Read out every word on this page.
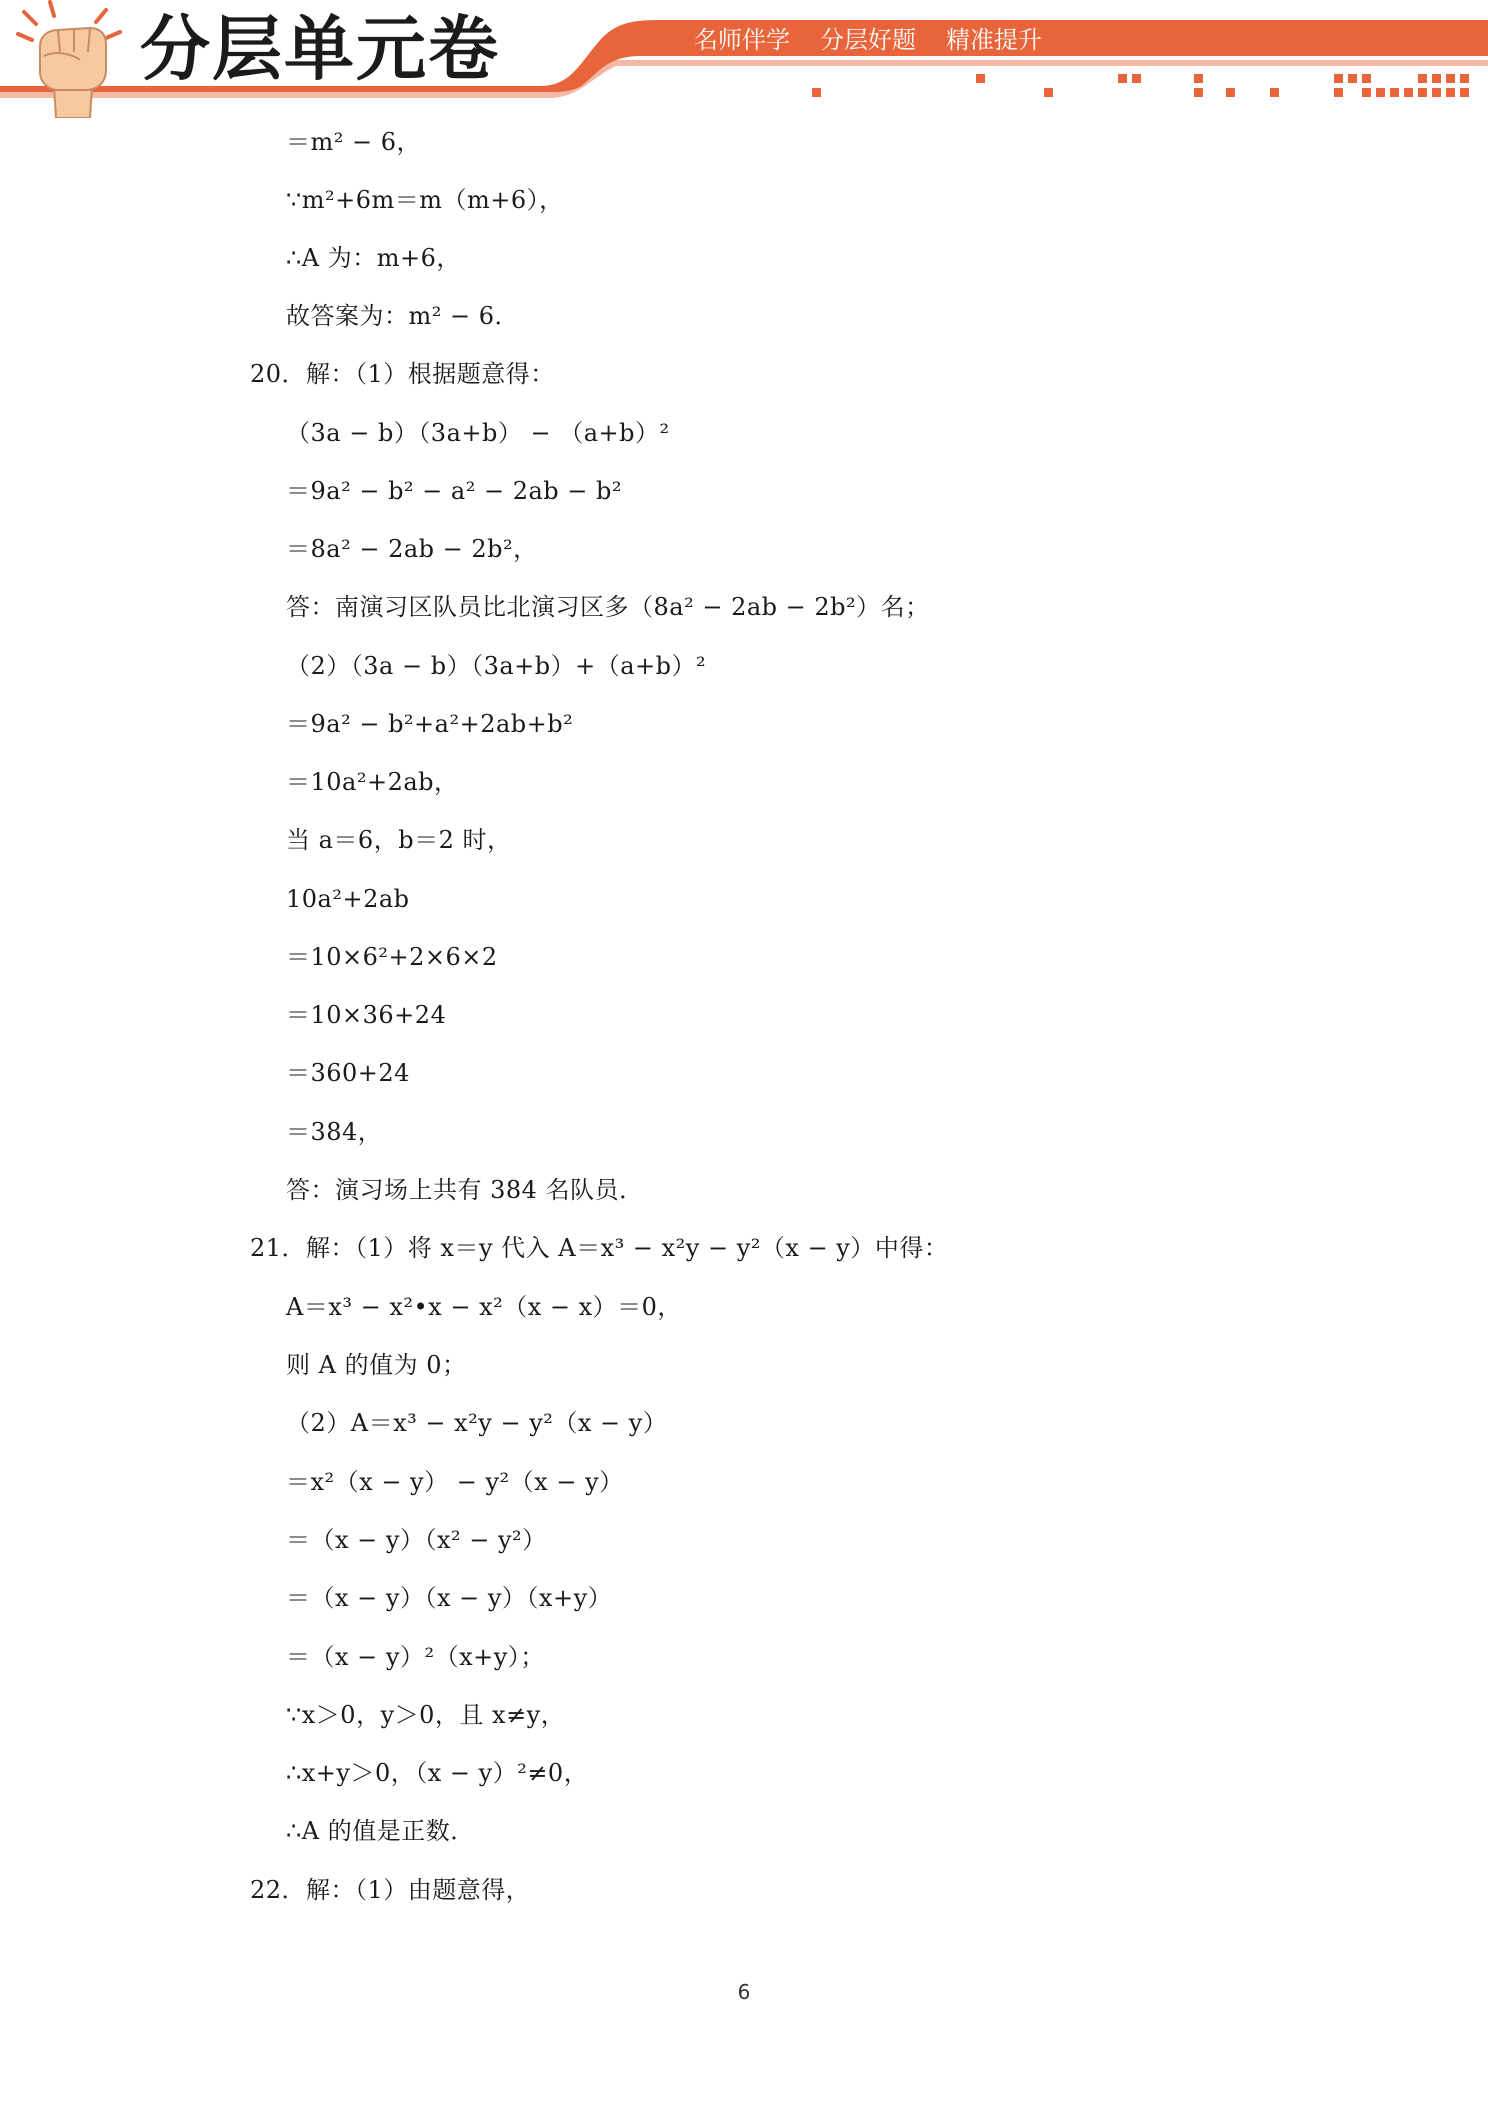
分层单元卷	名师伴学 分层好题 精准提升
＝m² − 6，
∵m²+6m＝m（m+6），
∴A 为：m+6，
故答案为：m² − 6．
20．解：（1）根据题意得：
（3a − b）（3a+b） − （a+b）²
＝9a² − b² − a² − 2ab − b²
＝8a² − 2ab − 2b²，
答：南演习区队员比北演习区多（8a² − 2ab − 2b²）名；
（2）（3a − b）（3a+b）+（a+b）²
＝9a² − b²+a²+2ab+b²
＝10a²+2ab，
当 a＝6，b＝2 时，
10a²+2ab
＝10×6²+2×6×2
＝10×36+24
＝360+24
＝384，
答：演习场上共有 384 名队员．
21．解：（1）将 x＝y 代入 A＝x³ − x²y − y²（x − y）中得：
A＝x³ − x²•x − x²（x − x）＝0，
则 A 的值为 0；
（2）A＝x³ − x²y − y²（x − y）
＝x²（x − y） − y²（x − y）
＝（x − y）（x² − y²）
＝（x − y）（x − y）（x+y）
＝（x − y）²（x+y）；
∵x＞0，y＞0，且 x≠y，
∴x+y＞0，（x − y）²≠0，
∴A 的值是正数．
22．解：（1）由题意得，
6
